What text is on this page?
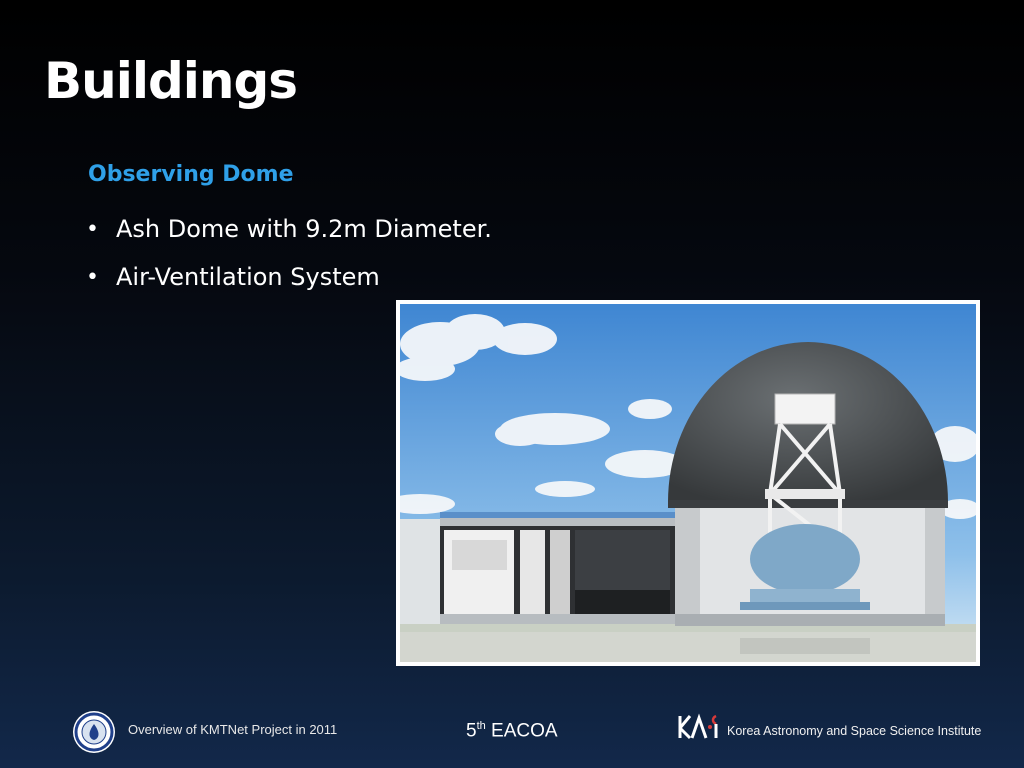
Buildings
Observing Dome
• Ash Dome with 9.2m Diameter.
• Air-Ventilation System
Overview of KMTNet Project in 2011	5th EACOA	Korea Astronomy and Space Science Institute
